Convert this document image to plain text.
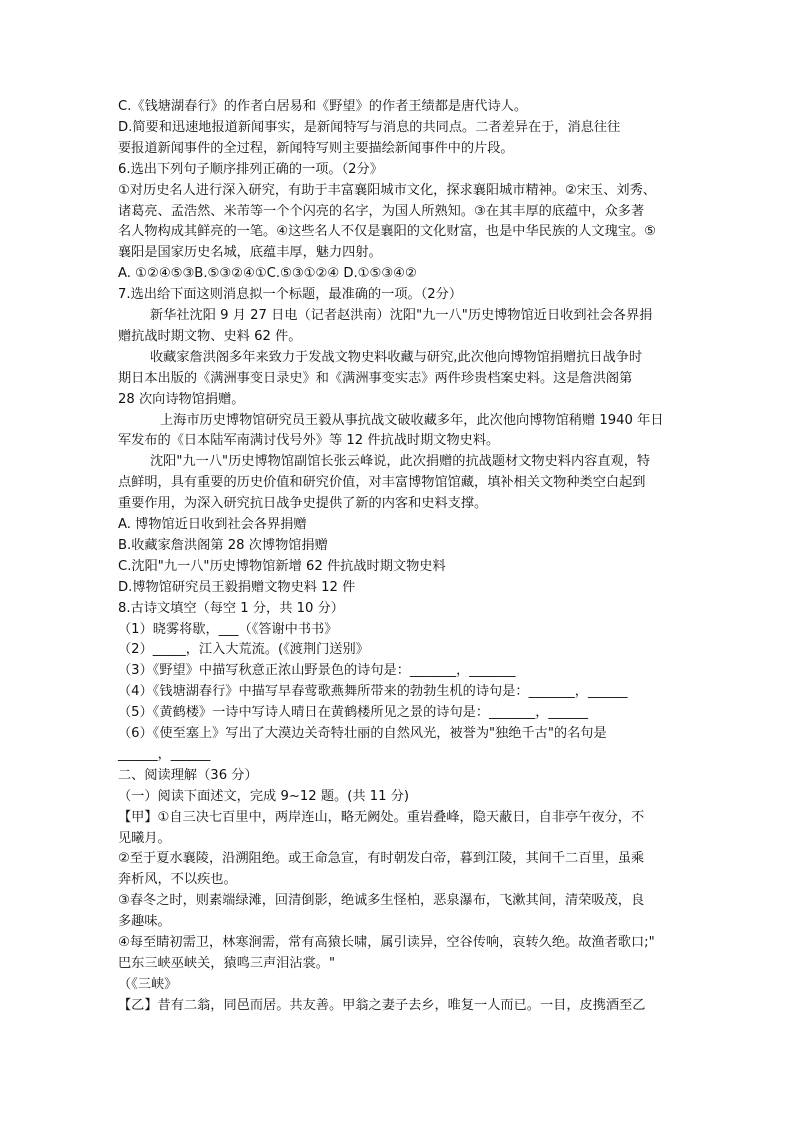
C.《钱塘湖春行》的作者白居易和《野望》的作者王绩都是唐代诗人。
D.简要和迅速地报道新闻事实，是新闻特写与消息的共同点。二者差异在于，消息往往
要报道新闻事件的全过程，新闻特写则主要描绘新闻事件中的片段。
6.选出下列句子顺序排列正确的一项。（2分》
①对历史名人进行深入研究，有助于丰富襄阳城市文化，探求襄阳城市精神。②宋玉、刘秀、
诸葛亮、孟浩然、米芾等一个个闪亮的名字，为国人所熟知。③在其丰厚的底蕴中，众多著
名人物构成其鲜亮的一笔。④这些名人不仅是襄阳的文化财富，也是中华民族的人文瑰宝。⑤
襄阳是国家历史名城，底蕴丰厚，魅力四射。
A. ①②④⑤③B.⑤③②④①C.⑤③①②④ D.①⑤③④②
7.选出给下面这则消息拟一个标题，最准确的一项。（2分）
新华社沈阳 9 月 27 日电（记者赵洪南）沈阳"九一八"历史博物馆近日收到社会各界捐
赠抗战时期文物、史料 62 件。
收藏家詹洪阁多年来致力于发战文物史料收藏与研究,此次他向博物馆捐赠抗日战争时
期日本出版的《满洲事变日录史》和《满洲事变实志》两件珍贵档案史料。这是詹洪阁第
28 次向诗物馆捐赠。
上海市历史博物馆研究员王毅从事抗战文破收藏多年，此次他向博物馆稍赠 1940 年日
军发布的《日本陆军南满讨伐号外》等 12 件抗战时期文物史料。
沈阳"九一八"历史博物馆副馆长张云峰说，此次捐赠的抗战题材文物史料内容直观，特
点鲜明，具有重要的历史价值和研究价值，对丰富博物馆馆藏，填补相关文物种类空白起到
重要作用，为深入研究抗日战争史提供了新的内客和史料支撑。
A. 博物馆近日收到社会各界捐赠
B.收藏家詹洪阁第 28 次博物馆捐赠
C.沈阳"九一八"历史博物馆新增 62 件抗战时期文物史料
D.博物馆研究员王毅捐赠文物史料 12 件
8.古诗文填空（每空 1 分，共 10 分）
（1）晓雾将歇，___（《答谢中书书》
（2）_____，江入大荒流。(《渡荆门送别》
（3）《野望》中描写秋意正浓山野景色的诗句是：_______，_______
（4）《钱塘湖春行》中描写早春莺歌燕舞所带来的勃勃生机的诗句是：_______，______
（5）《黄鹤楼》一诗中写诗人晴日在黄鹤楼所见之景的诗句是：_______，______
（6）《使至塞上》写出了大漠边关奇特壮丽的自然风光，被誉为"独绝千古"的名句是
______，______
二、阅读理解（36 分）
（一）阅读下面述文，完成 9~12 题。(共 11 分)
【甲】①自三决七百里中，两岸连山，略无阙处。重岩叠峰，隐天蔽日，自非亭午夜分，不
见曦月。
②至于夏水襄陵，沿溯阻绝。或王命急宣，有时朝发白帝，暮到江陵，其间千二百里，虽乘
奔析风，不以疾也。
③春冬之时，则素端绿滩，回清倒影，绝诚多生怪柏，恶泉瀑布，飞漱其间，清荣吸茂，良
多趣味。
④每至睛初需卫，林寒涧需，常有高猿长啸，属引读异，空谷传响，哀转久绝。故渔者歌口;"
巴东三峡巫峡关，猿鸣三声泪沾裳。"
（《三峡》
【乙】昔有二翁，同邑而居。共友善。甲翁之妻子去乡，唯复一人而已。一目，皮携酒至乙
